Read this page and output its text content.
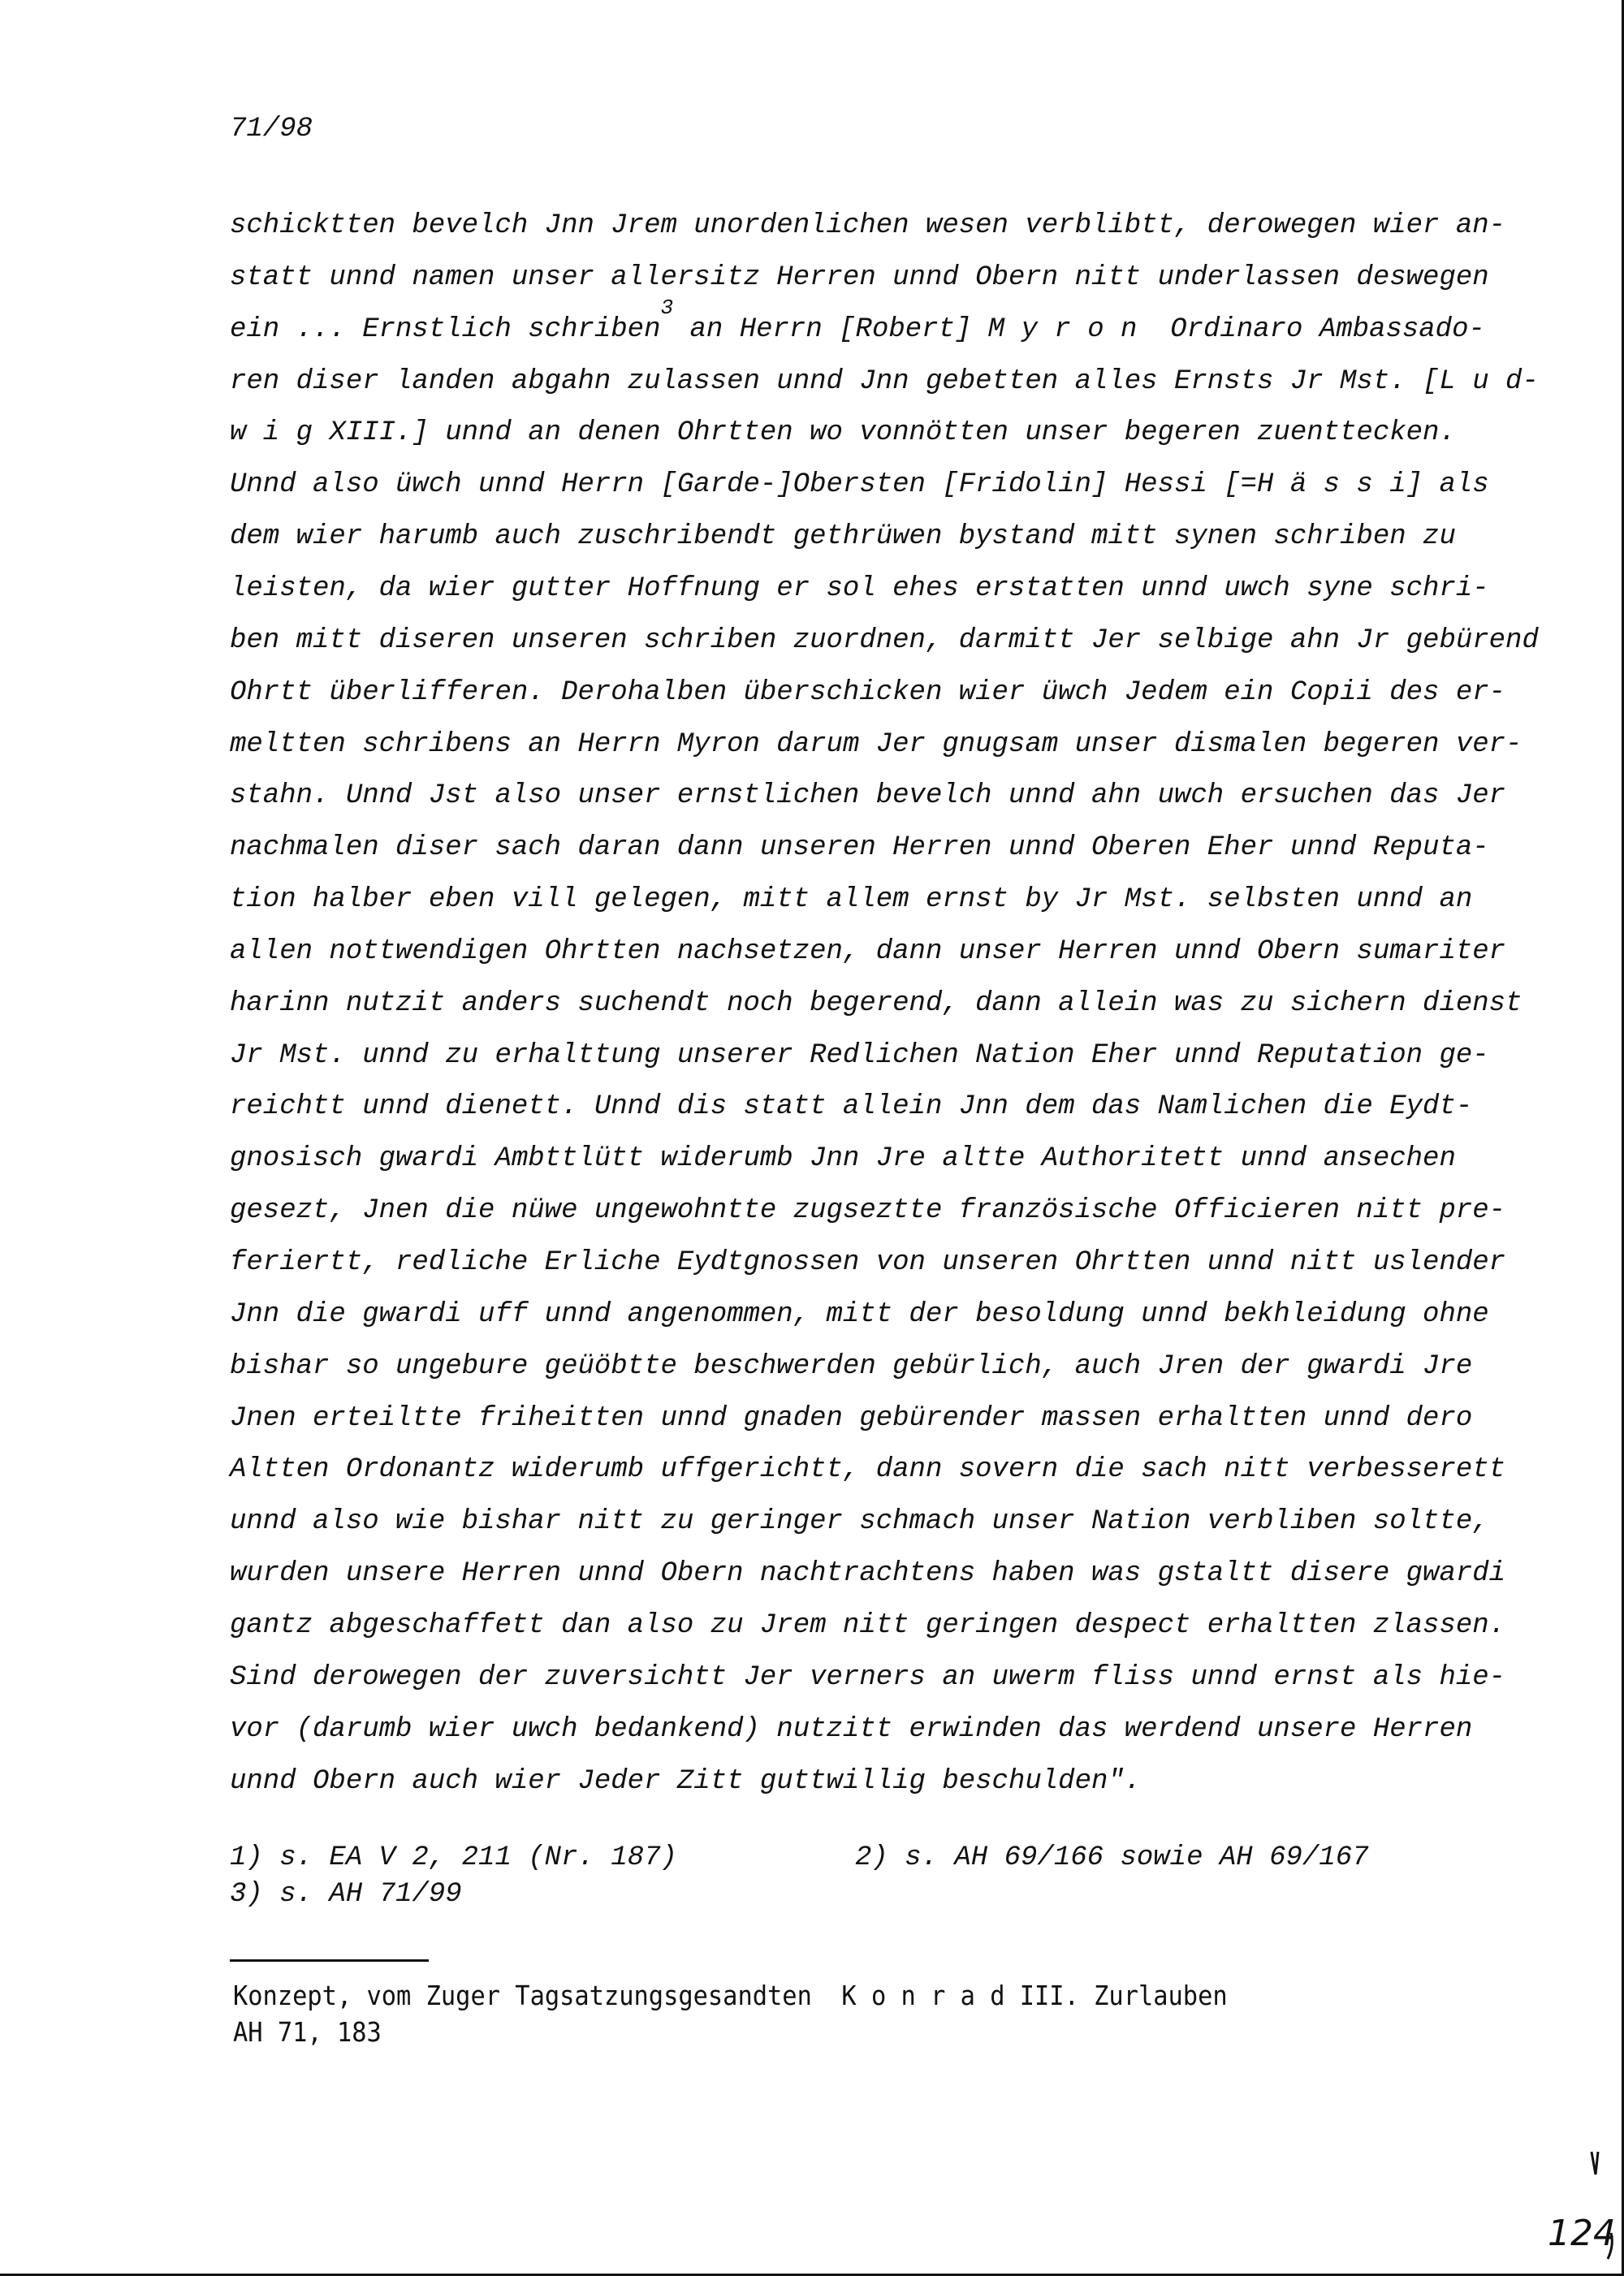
71/98
schicktten bevelch Jnn Jrem unordenlichen wesen verblibtt, derowegen wier an-
statt unnd namen unser allersitz Herren unnd Obern nitt underlassen deswegen
ein ... Ernstlich schriben$^3$ an Herrn [Robert] M y r o n  Ordinaro Ambassado-
ren diser landen abgahn zulassen unnd Jnn gebetten alles Ernsts Jr Mst. [L u d-
w i g XIII.] unnd an denen Ohrtten wo vonnötten unser begeren zuenttecken.
Unnd also üwch unnd Herrn [Garde-]Obersten [Fridolin] Hessi [=H ä s s i] als
dem wier harumb auch zuschribendt gethrüwen bystand mitt synen schriben zu
leisten, da wier gutter Hoffnung er sol ehes erstatten unnd uwch syne schri-
ben mitt diseren unseren schriben zuordnen, darmitt Jer selbige ahn Jr gebürend
Ohrtt überlifferen. Derohalben überschicken wier üwch Jedem ein Copii des er-
meltten schribens an Herrn Myron darum Jer gnugsam unser dismalen begeren ver-
stahn. Unnd Jst also unser ernstlichen bevelch unnd ahn uwch ersuchen das Jer
nachmalen diser sach daran dann unseren Herren unnd Oberen Eher unnd Reputa-
tion halber eben vill gelegen, mitt allem ernst by Jr Mst. selbsten unnd an
allen nottwendigen Ohrtten nachsetzen, dann unser Herren unnd Obern sumariter
harinn nutzit anders suchendt noch begerend, dann allein was zu sichern dienst
Jr Mst. unnd zu erhalttung unserer Redlichen Nation Eher unnd Reputation ge-
reichtt unnd dienett. Unnd dis statt allein Jnn dem das Namlichen die Eydt-
gnosisch gwardi Ambttlütt widerumb Jnn Jre altte Authoritett unnd ansechen
gesezt, Jnen die nüwe ungewohntte zugseztte französische Officieren nitt pre-
feriertt, redliche Erliche Eydtgnossen von unseren Ohrtten unnd nitt uslender
Jnn die gwardi uff unnd angenommen, mitt der besoldung unnd bekhleidung ohne
bishar so ungebure geüöbtte beschwerden gebürlich, auch Jren der gwardi Jre
Jnen erteiltte friheitten unnd gnaden gebürender massen erhaltten unnd dero
Altten Ordonantz widerumb uffgerichtt, dann sovern die sach nitt verbesserett
unnd also wie bishar nitt zu geringer schmach unser Nation verbliben soltte,
wurden unsere Herren unnd Obern nachtrachtens haben was gstaltt disere gwardi
gantz abgeschaffett dan also zu Jrem nitt geringen despect erhaltten zlassen.
Sind derowegen der zuversichtt Jer verners an uwerm fliss unnd ernst als hie-
vor (darumb wier uwch bedankend) nutzitt erwinden das werdend unsere Herren
unnd Obern auch wier Jeder Zitt guttwillig beschulden".
1) s. EA V 2, 211 (Nr. 187)	2) s. AH 69/166 sowie AH 69/167
3) s. AH 71/99
Konzept, vom Zuger Tagsatzungsgesandten  K o n r a d III. Zurlauben
AH 71, 183
124
